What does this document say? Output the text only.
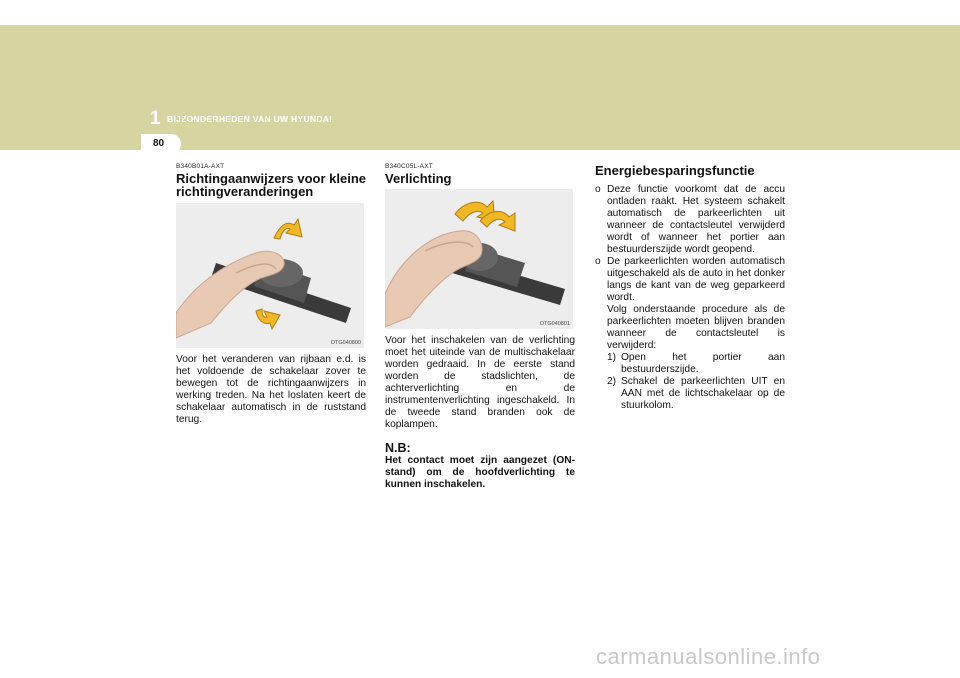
1 BIJZONDERHEDEN VAN UW HYUNDAI
80
B340B01A-AXT
Richtingaanwijzers voor kleine richtingveranderingen
OTG040800
Voor het veranderen van rijbaan e.d. is het voldoende de schakelaar zover te bewegen tot de richtingaanwijzers in werking treden. Na het loslaten keert de schakelaar automatisch in de ruststand terug.
B340C05L-AXT
Verlichting
OTG040801
Voor het inschakelen van de verlichting moet het uiteinde van de multischakelaar worden gedraaid. In de eerste stand worden de stadslichten, de achterverlichting en de instrumentenverlichting ingeschakeld. In de tweede stand branden ook de koplampen.
N.B:
Het contact moet zijn aangezet (ON-stand) om de hoofdverlichting te kunnen inschakelen.
Energiebesparingsfunctie
o Deze functie voorkomt dat de accu ontladen raakt. Het systeem schakelt automatisch de parkeerlichten uit wanneer de contactsleutel verwijderd wordt of wanneer het portier aan bestuurderszijde wordt geopend.
o De parkeerlichten worden automatisch uitgeschakeld als de auto in het donker langs de kant van de weg geparkeerd wordt.
Volg onderstaande procedure als de parkeerlichten moeten blijven branden wanneer de contactsleutel is verwijderd:
1) Open het portier aan bestuurderszijde.
2) Schakel de parkeerlichten UIT en AAN met de lichtschakelaar op de stuurkolom.
carmanualsonline.info
